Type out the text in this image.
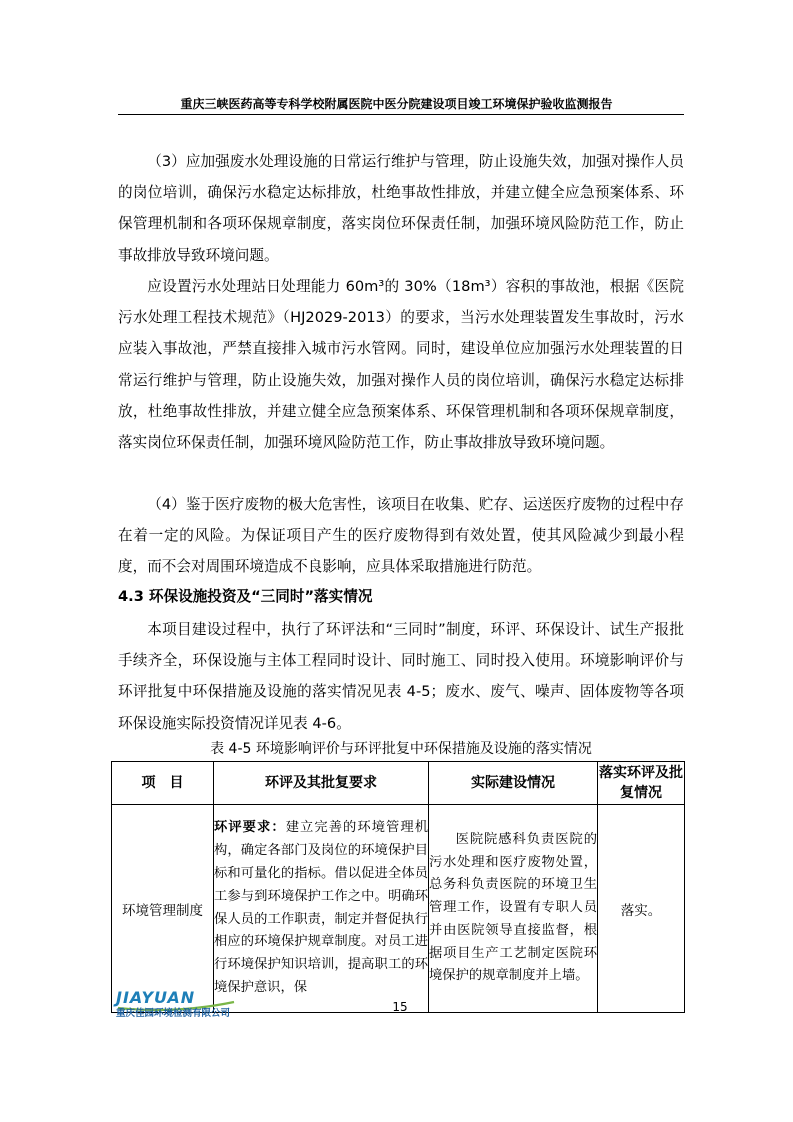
重庆三峡医药高等专科学校附属医院中医分院建设项目竣工环境保护验收监测报告

（3）应加强废水处理设施的日常运行维护与管理，防止设施失效，加强对操作人员的岗位培训，确保污水稳定达标排放，杜绝事故性排放，并建立健全应急预案体系、环保管理机制和各项环保规章制度，落实岗位环保责任制，加强环境风险防范工作，防止事故排放导致环境问题。

应设置污水处理站日处理能力 60m³的 30%（18m³）容积的事故池，根据《医院污水处理工程技术规范》（HJ2029-2013）的要求，当污水处理装置发生事故时，污水应装入事故池，严禁直接排入城市污水管网。同时，建设单位应加强污水处理装置的日常运行维护与管理，防止设施失效，加强对操作人员的岗位培训，确保污水稳定达标排放，杜绝事故性排放，并建立健全应急预案体系、环保管理机制和各项环保规章制度，落实岗位环保责任制，加强环境风险防范工作，防止事故排放导致环境问题。

（4）鉴于医疗废物的极大危害性，该项目在收集、贮存、运送医疗废物的过程中存在着一定的风险。为保证项目产生的医疗废物得到有效处置，使其风险减少到最小程度，而不会对周围环境造成不良影响，应具体采取措施进行防范。

4.3 环保设施投资及“三同时”落实情况

本项目建设过程中，执行了环评法和“三同时”制度，环评、环保设计、试生产报批手续齐全，环保设施与主体工程同时设计、同时施工、同时投入使用。环境影响评价与环评批复中环保措施及设施的落实情况见表 4-5；废水、废气、噪声、固体废物等各项环保设施实际投资情况详见表 4-6。

表 4-5 环境影响评价与环评批复中环保措施及设施的落实情况
项　目	环评及其批复要求	实际建设情况	落实环评及批复情况
环境管理制度	环评要求：建立完善的环境管理机构，确定各部门及岗位的环境保护目标和可量化的指标。借以促进全体员工参与到环境保护工作之中。明确环保人员的工作职责，制定并督促执行相应的环境保护规章制度。对员工进行环境保护知识培训，提高职工的环境保护意识，保	医院院感科负责医院的污水处理和医疗废物处置，总务科负责医院的环境卫生管理工作，设置有专职人员并由医院领导直接监督，根据项目生产工艺制定医院环境保护的规章制度并上墙。	落实。
JIAYUAN
重庆佳园环境检测有限公司	15
